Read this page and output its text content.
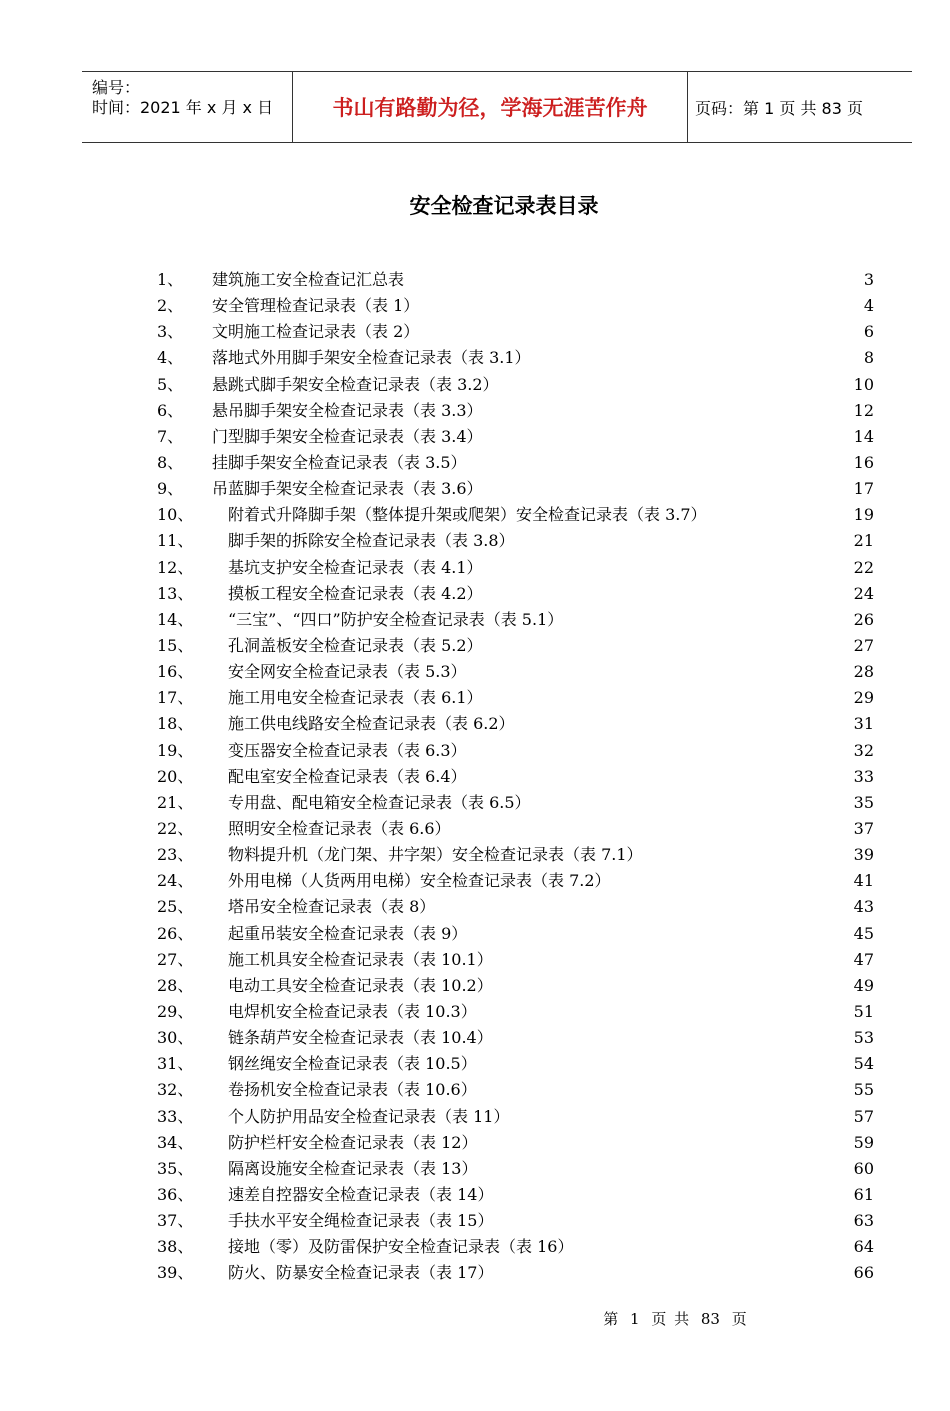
编号：
时间：2021 年 x 月 x 日	书山有路勤为径，学海无涯苦作舟	页码：第 1 页 共 83 页
安全检查记录表目录
1、 建筑施工安全检查记汇总表	3
2、 安全管理检查记录表（表 1）	4
3、 文明施工检查记录表（表 2）	6
4、 落地式外用脚手架安全检查记录表（表 3.1）	8
5、 悬跳式脚手架安全检查记录表（表 3.2）	10
6、 悬吊脚手架安全检查记录表（表 3.3）	12
7、 门型脚手架安全检查记录表（表 3.4）	14
8、 挂脚手架安全检查记录表（表 3.5）	16
9、 吊蓝脚手架安全检查记录表（表 3.6）	17
10、 附着式升降脚手架（整体提升架或爬架）安全检查记录表（表 3.7）	19
11、 脚手架的拆除安全检查记录表（表 3.8）	21
12、 基坑支护安全检查记录表（表 4.1）	22
13、 摸板工程安全检查记录表（表 4.2）	24
14、 “三宝”、“四口”防护安全检查记录表（表 5.1）	26
15、 孔洞盖板安全检查记录表（表 5.2）	27
16、 安全网安全检查记录表（表 5.3）	28
17、 施工用电安全检查记录表（表 6.1）	29
18、 施工供电线路安全检查记录表（表 6.2）	31
19、 变压器安全检查记录表（表 6.3）	32
20、 配电室安全检查记录表（表 6.4）	33
21、 专用盘、配电箱安全检查记录表（表 6.5）	35
22、 照明安全检查记录表（表 6.6）	37
23、 物料提升机（龙门架、井字架）安全检查记录表（表 7.1）	39
24、 外用电梯（人货两用电梯）安全检查记录表（表 7.2）	41
25、 塔吊安全检查记录表（表 8）	43
26、 起重吊装安全检查记录表（表 9）	45
27、 施工机具安全检查记录表（表 10.1）	47
28、 电动工具安全检查记录表（表 10.2）	49
29、 电焊机安全检查记录表（表 10.3）	51
30、 链条葫芦安全检查记录表（表 10.4）	53
31、 钢丝绳安全检查记录表（表 10.5）	54
32、 卷扬机安全检查记录表（表 10.6）	55
33、 个人防护用品安全检查记录表（表 11）	57
34、 防护栏杆安全检查记录表（表 12）	59
35、 隔离设施安全检查记录表（表 13）	60
36、 速差自控器安全检查记录表（表 14）	61
37、 手扶水平安全绳检查记录表（表 15）	63
38、 接地（零）及防雷保护安全检查记录表（表 16）	64
39、 防火、防暴安全检查记录表（表 17）	66
第 1 页 共 83 页
